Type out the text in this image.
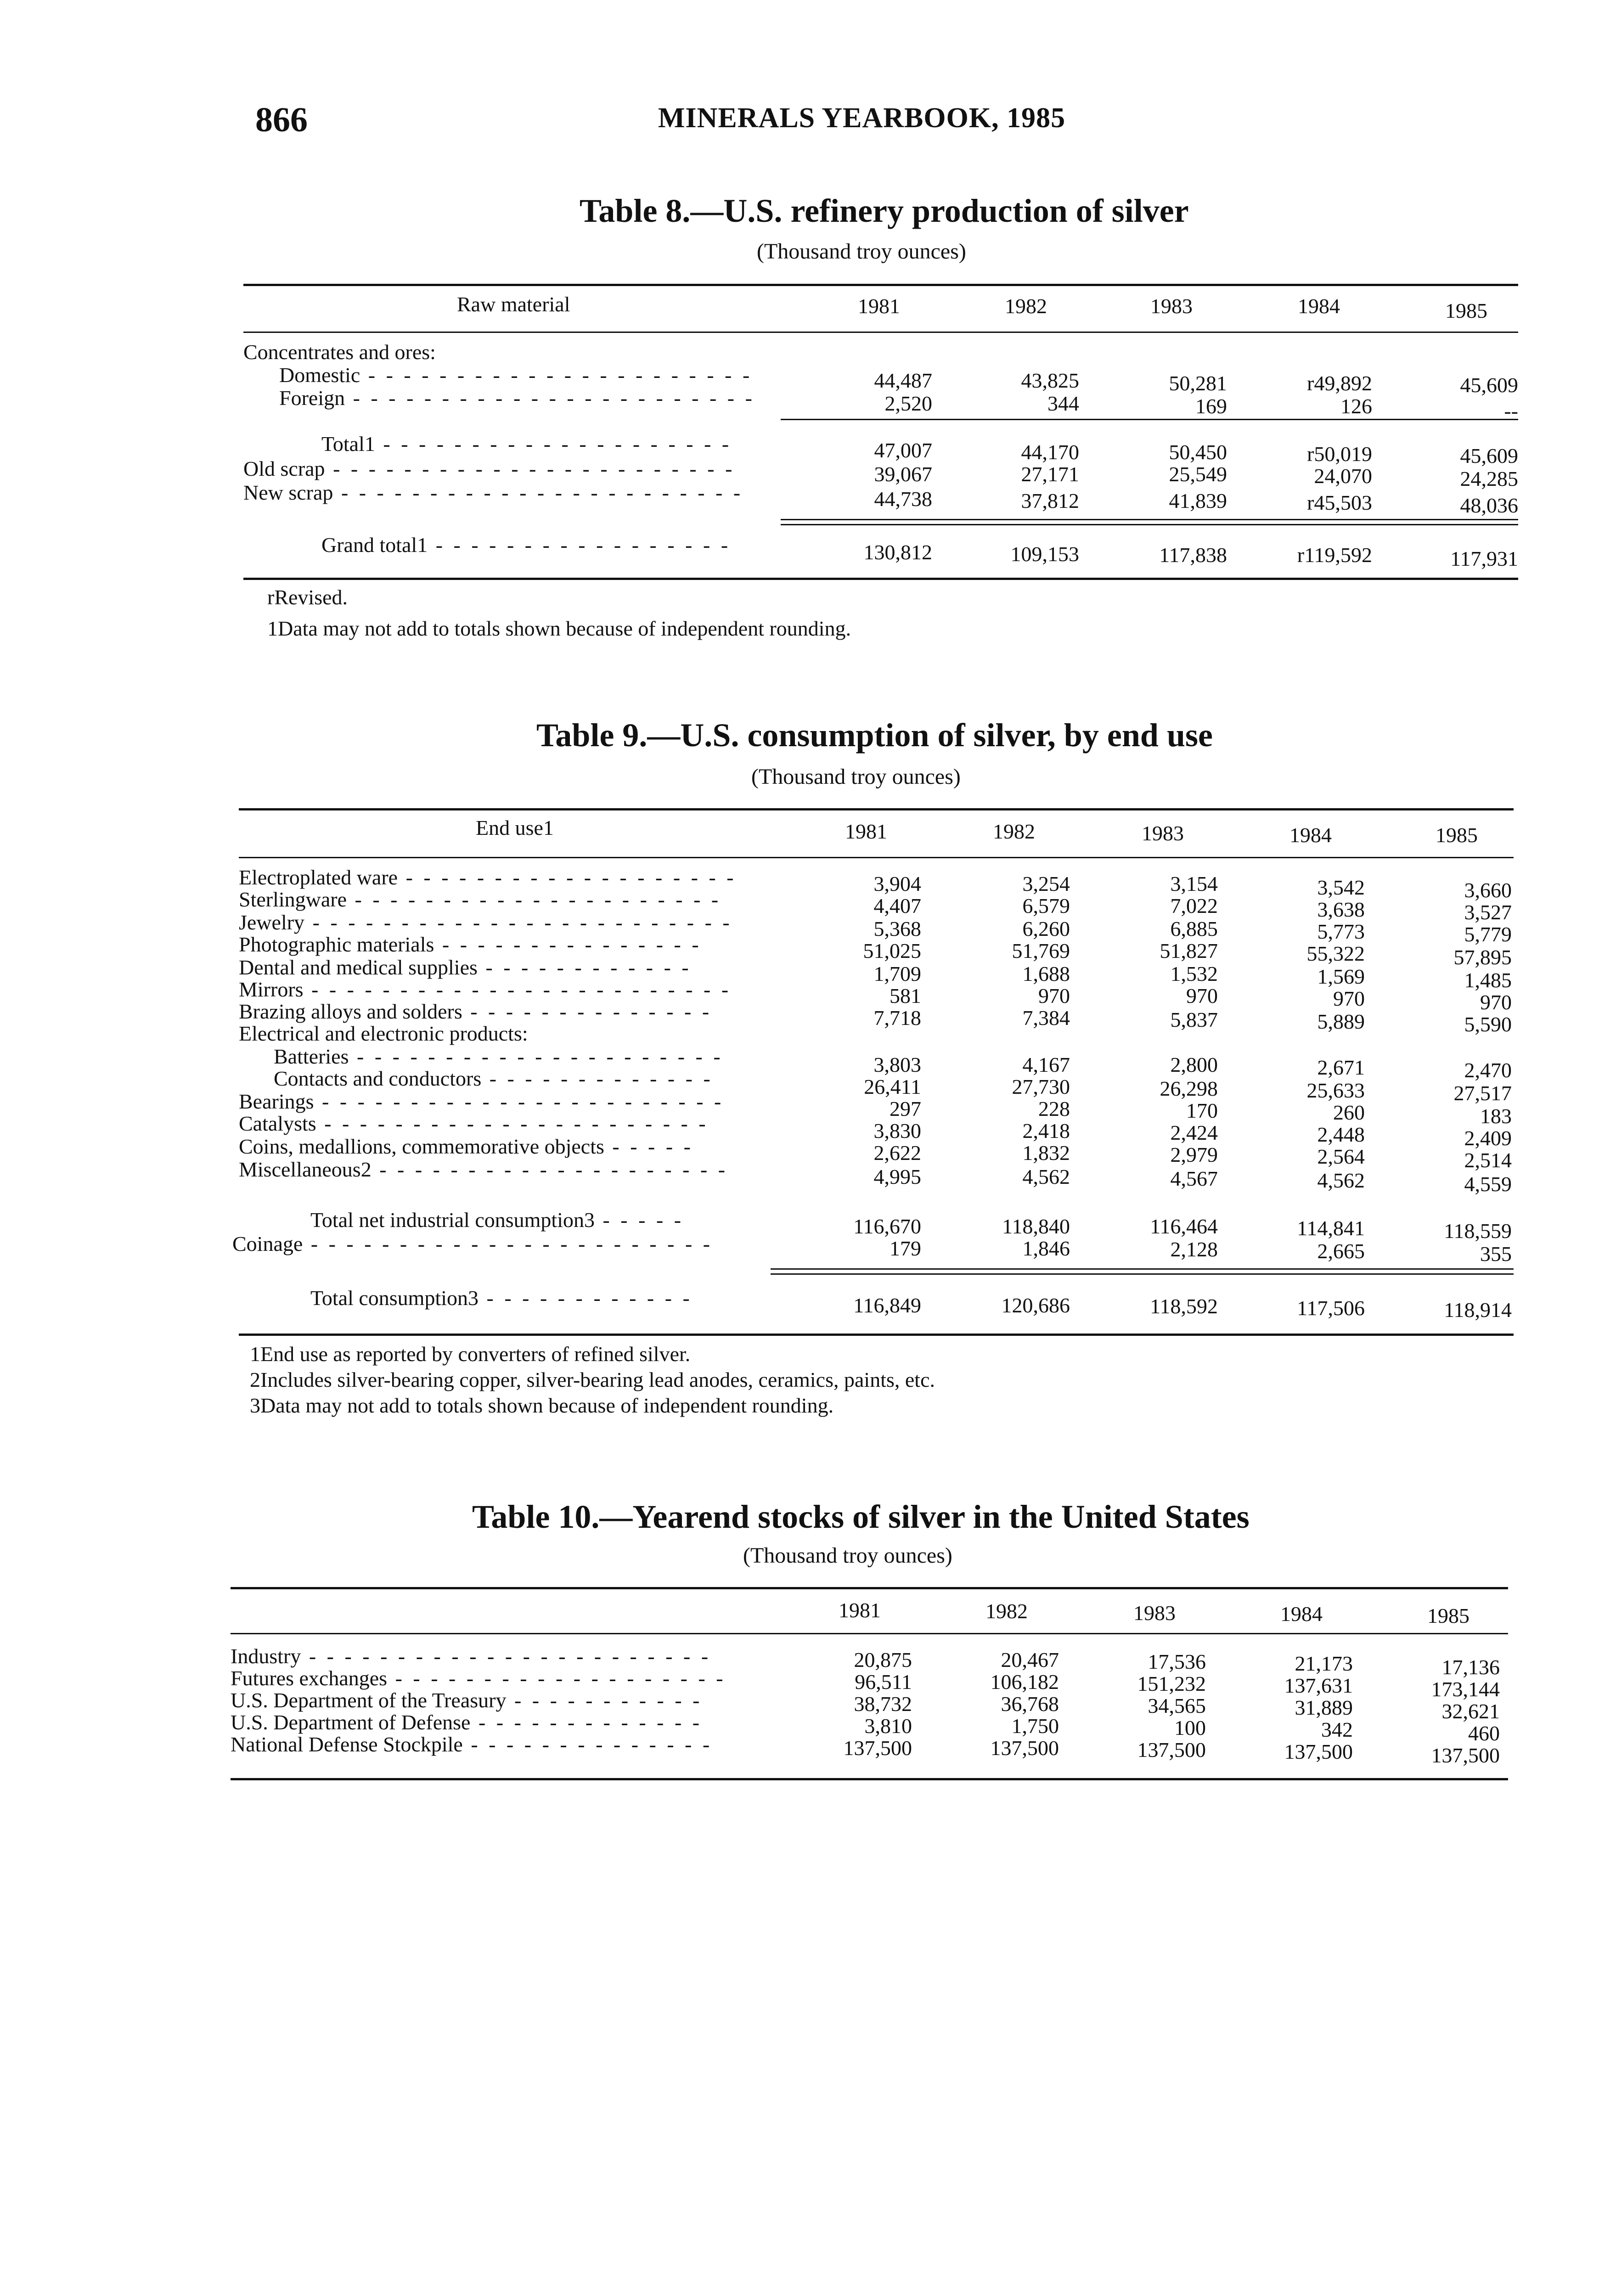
866	MINERALS YEARBOOK, 1985
Table 8.—U.S. refinery production of silver
(Thousand troy ounces)
Raw material	1981	1982	1983	1984	1985
Concentrates and ores:
Domestic - - - - - - - - - - - - - - - - - - - - - -	44,487	43,825	50,281	r49,892	45,609
Foreign - - - - - - - - - - - - - - - - - - - - - - -	2,520	344	169	126	--
Total1 - - - - - - - - - - - - - - - - - - - -	47,007	44,170	50,450	r50,019	45,609
Old scrap - - - - - - - - - - - - - - - - - - - - - - -	39,067	27,171	25,549	24,070	24,285
New scrap - - - - - - - - - - - - - - - - - - - - - - -	44,738	37,812	41,839	r45,503	48,036
Grand total1 - - - - - - - - - - - - - - - - -	130,812	109,153	117,838	r119,592	117,931
rRevised.
1Data may not add to totals shown because of independent rounding.
Table 9.—U.S. consumption of silver, by end use
(Thousand troy ounces)
End use1	1981	1982	1983	1984	1985
Electroplated ware - - - - - - - - - - - - - - - - - - -	3,904	3,254	3,154	3,542	3,660
Sterlingware - - - - - - - - - - - - - - - - - - - - -	4,407	6,579	7,022	3,638	3,527
Jewelry - - - - - - - - - - - - - - - - - - - - - - - -	5,368	6,260	6,885	5,773	5,779
Photographic materials - - - - - - - - - - - - - - -	51,025	51,769	51,827	55,322	57,895
Dental and medical supplies - - - - - - - - - - - -	1,709	1,688	1,532	1,569	1,485
Mirrors - - - - - - - - - - - - - - - - - - - - - - - -	581	970	970	970	970
Brazing alloys and solders - - - - - - - - - - - - - -	7,718	7,384	5,837	5,889	5,590
Electrical and electronic products:
Batteries - - - - - - - - - - - - - - - - - - - - -	3,803	4,167	2,800	2,671	2,470
Contacts and conductors - - - - - - - - - - - - -	26,411	27,730	26,298	25,633	27,517
Bearings - - - - - - - - - - - - - - - - - - - - - - -	297	228	170	260	183
Catalysts - - - - - - - - - - - - - - - - - - - - - -	3,830	2,418	2,424	2,448	2,409
Coins, medallions, commemorative objects - - - - -	2,622	1,832	2,979	2,564	2,514
Miscellaneous2 - - - - - - - - - - - - - - - - - - - -	4,995	4,562	4,567	4,562	4,559
Total net industrial consumption3 - - - - -	116,670	118,840	116,464	114,841	118,559
Coinage - - - - - - - - - - - - - - - - - - - - - - -	179	1,846	2,128	2,665	355
Total consumption3 - - - - - - - - - - - -	116,849	120,686	118,592	117,506	118,914
1End use as reported by converters of refined silver.
2Includes silver-bearing copper, silver-bearing lead anodes, ceramics, paints, etc.
3Data may not add to totals shown because of independent rounding.
Table 10.—Yearend stocks of silver in the United States
(Thousand troy ounces)
1981	1982	1983	1984	1985
Industry - - - - - - - - - - - - - - - - - - - - - - -	20,875	20,467	17,536	21,173	17,136
Futures exchanges - - - - - - - - - - - - - - - - - - -	96,511	106,182	151,232	137,631	173,144
U.S. Department of the Treasury - - - - - - - - - - -	38,732	36,768	34,565	31,889	32,621
U.S. Department of Defense - - - - - - - - - - - - -	3,810	1,750	100	342	460
National Defense Stockpile - - - - - - - - - - - - - -	137,500	137,500	137,500	137,500	137,500
